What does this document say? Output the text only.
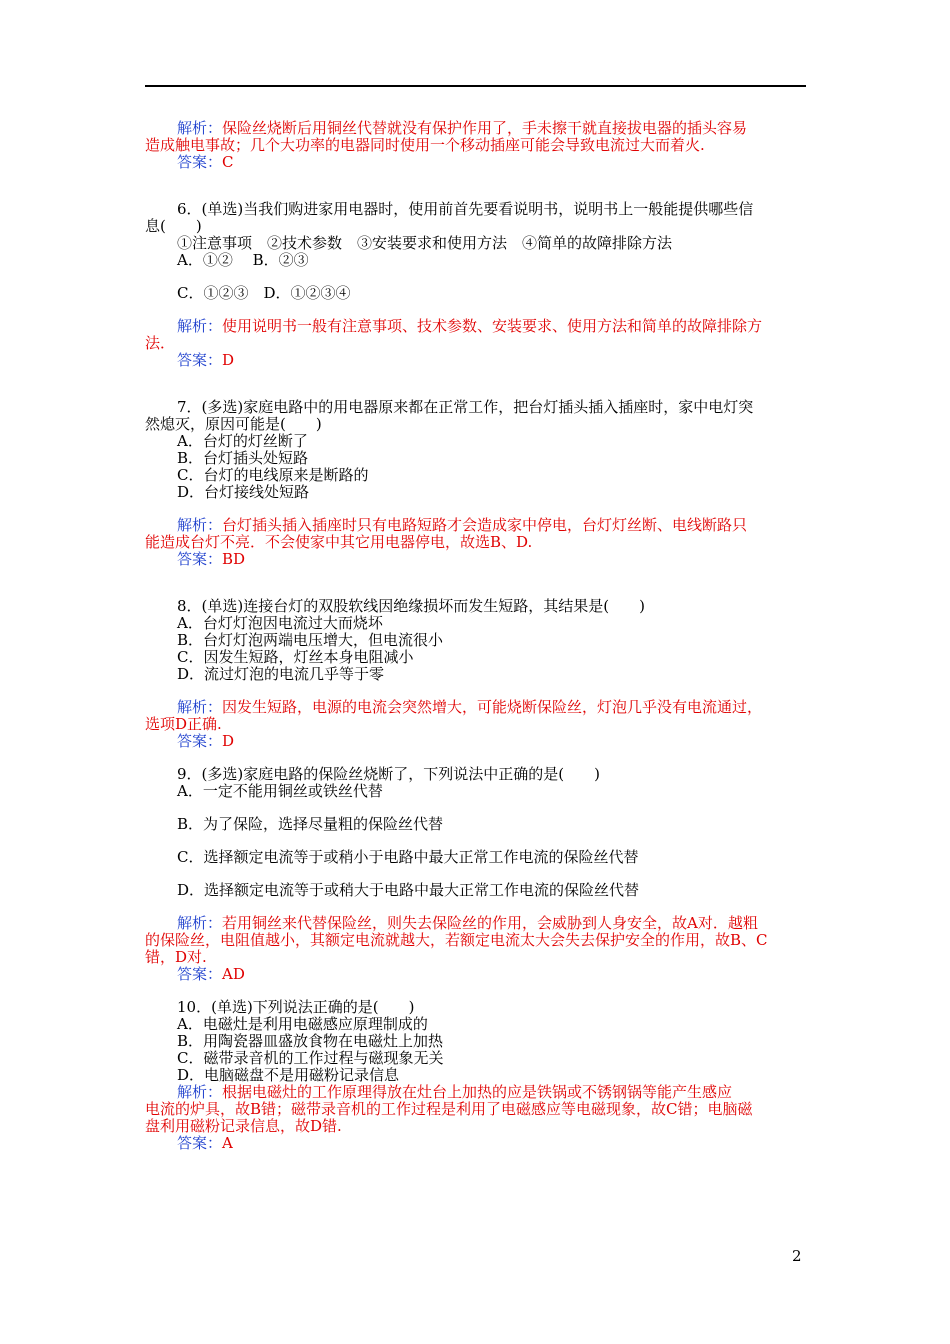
解析：保险丝烧断后用铜丝代替就没有保护作用了，手未擦干就直接拔电器的插头容易
造成触电事故；几个大功率的电器同时使用一个移动插座可能会导致电流过大而着火.
答案：C
6．(单选)当我们购进家用电器时，使用前首先要看说明书，说明书上一般能提供哪些信
息(　　)
①注意事项　②技术参数　③安装要求和使用方法　④简单的故障排除方法
A．①②　 B．②③
C．①②③　D．①②③④
解析：使用说明书一般有注意事项、技术参数、安装要求、使用方法和简单的故障排除方
法．
答案：D
7．(多选)家庭电路中的用电器原来都在正常工作，把台灯插头插入插座时，家中电灯突
然熄灭，原因可能是(　　)
A．台灯的灯丝断了
B．台灯插头处短路
C．台灯的电线原来是断路的
D．台灯接线处短路
解析：台灯插头插入插座时只有电路短路才会造成家中停电，台灯灯丝断、电线断路只
能造成台灯不亮．不会使家中其它用电器停电，故选B、D.
答案：BD
8．(单选)连接台灯的双股软线因绝缘损坏而发生短路，其结果是(　　)
A．台灯灯泡因电流过大而烧坏
B．台灯灯泡两端电压增大，但电流很小
C．因发生短路，灯丝本身电阻减小
D．流过灯泡的电流几乎等于零
解析：因发生短路，电源的电流会突然增大，可能烧断保险丝，灯泡几乎没有电流通过，
选项D正确.
答案：D
9．(多选)家庭电路的保险丝烧断了，下列说法中正确的是(　　)
A．一定不能用铜丝或铁丝代替
B．为了保险，选择尽量粗的保险丝代替
C．选择额定电流等于或稍小于电路中最大正常工作电流的保险丝代替
D．选择额定电流等于或稍大于电路中最大正常工作电流的保险丝代替
解析：若用铜丝来代替保险丝，则失去保险丝的作用，会威胁到人身安全，故A对．越粗
的保险丝，电阻值越小，其额定电流就越大，若额定电流太大会失去保护安全的作用，故B、C
错，D对.
答案：AD
10．(单选)下列说法正确的是(　　)
A．电磁灶是利用电磁感应原理制成的
B．用陶瓷器皿盛放食物在电磁灶上加热
C．磁带录音机的工作过程与磁现象无关
D．电脑磁盘不是用磁粉记录信息
解析：根据电磁灶的工作原理得放在灶台上加热的应是铁锅或不锈钢锅等能产生感应
电流的炉具，故B错；磁带录音机的工作过程是利用了电磁感应等电磁现象，故C错；电脑磁
盘利用磁粉记录信息，故D错.
答案：A
2
